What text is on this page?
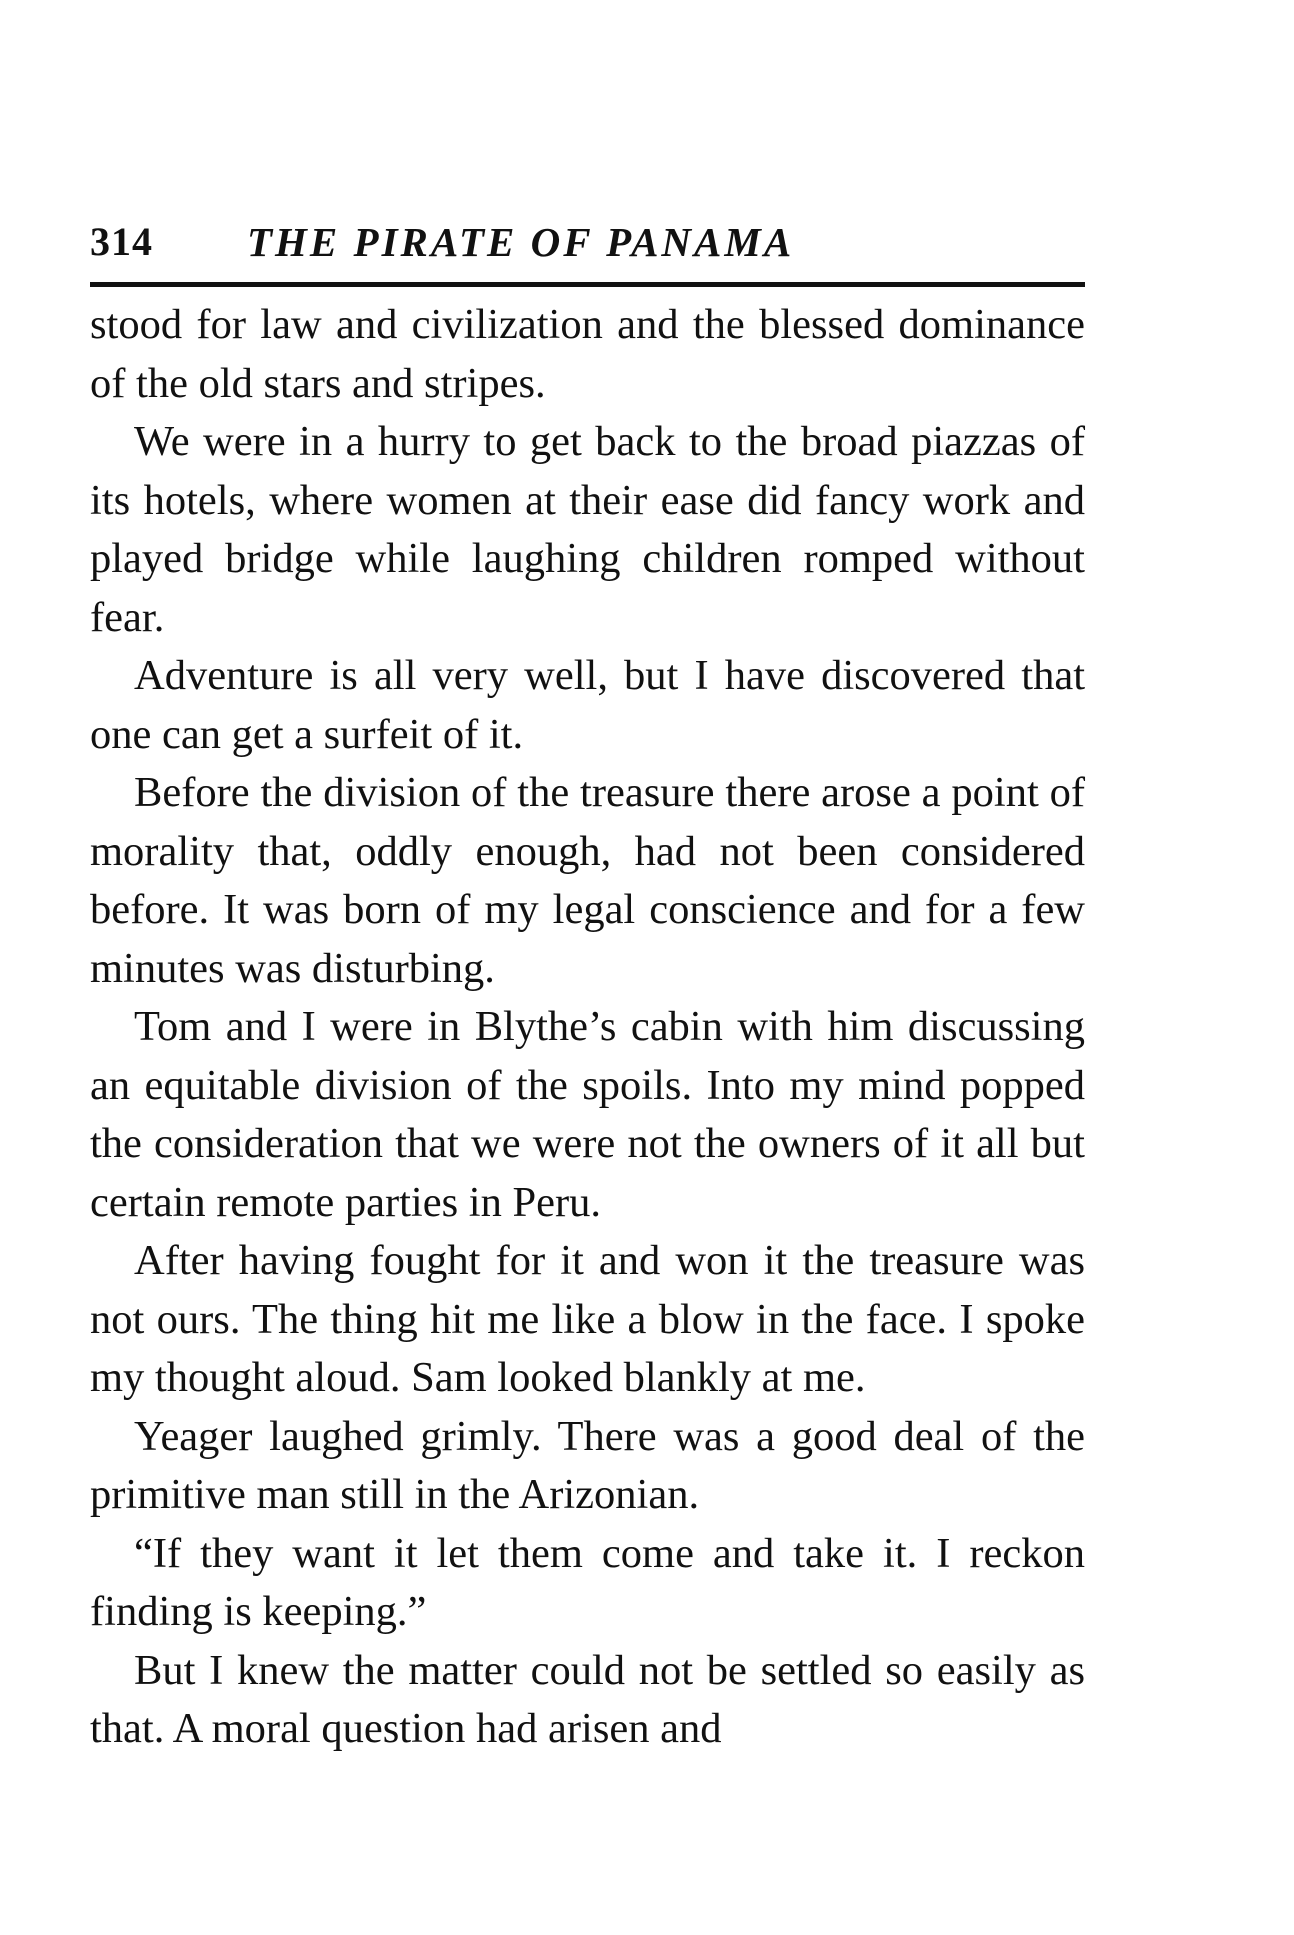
314 THE PIRATE OF PANAMA

stood for law and civilization and the blessed dominance of the old stars and stripes.

We were in a hurry to get back to the broad piazzas of its hotels, where women at their ease did fancy work and played bridge while laughing children romped without fear.

Adventure is all very well, but I have discovered that one can get a surfeit of it.

Before the division of the treasure there arose a point of morality that, oddly enough, had not been considered before. It was born of my legal conscience and for a few minutes was disturbing.

Tom and I were in Blythe’s cabin with him discussing an equitable division of the spoils. Into my mind popped the consideration that we were not the owners of it all but certain remote parties in Peru.

After having fought for it and won it the treasure was not ours. The thing hit me like a blow in the face. I spoke my thought aloud. Sam looked blankly at me.

Yeager laughed grimly. There was a good deal of the primitive man still in the Arizonian.

“If they want it let them come and take it. I reckon finding is keeping.”

But I knew the matter could not be settled so easily as that. A moral question had arisen and
